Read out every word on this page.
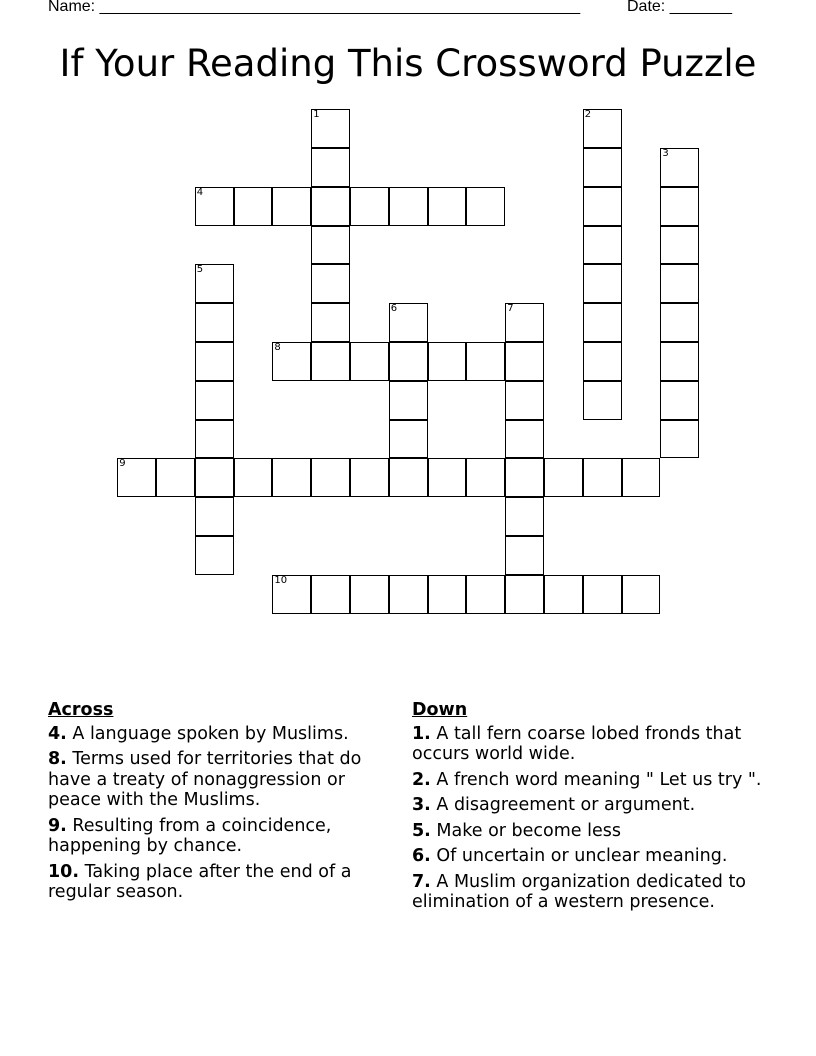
Name: ______________________________________________________	Date: _______
If Your Reading This Crossword Puzzle
1	2
3
4
5
6	7
8
9
10
Across
4. A language spoken by Muslims.
8. Terms used for territories that do have a treaty of nonaggression or peace with the Muslims.
9. Resulting from a coincidence, happening by chance.
10. Taking place after the end of a regular season.
Down
1. A tall fern coarse lobed fronds that occurs world wide.
2. A french word meaning " Let us try ".
3. A disagreement or argument.
5. Make or become less
6. Of uncertain or unclear meaning.
7. A Muslim organization dedicated to elimination of a western presence.
